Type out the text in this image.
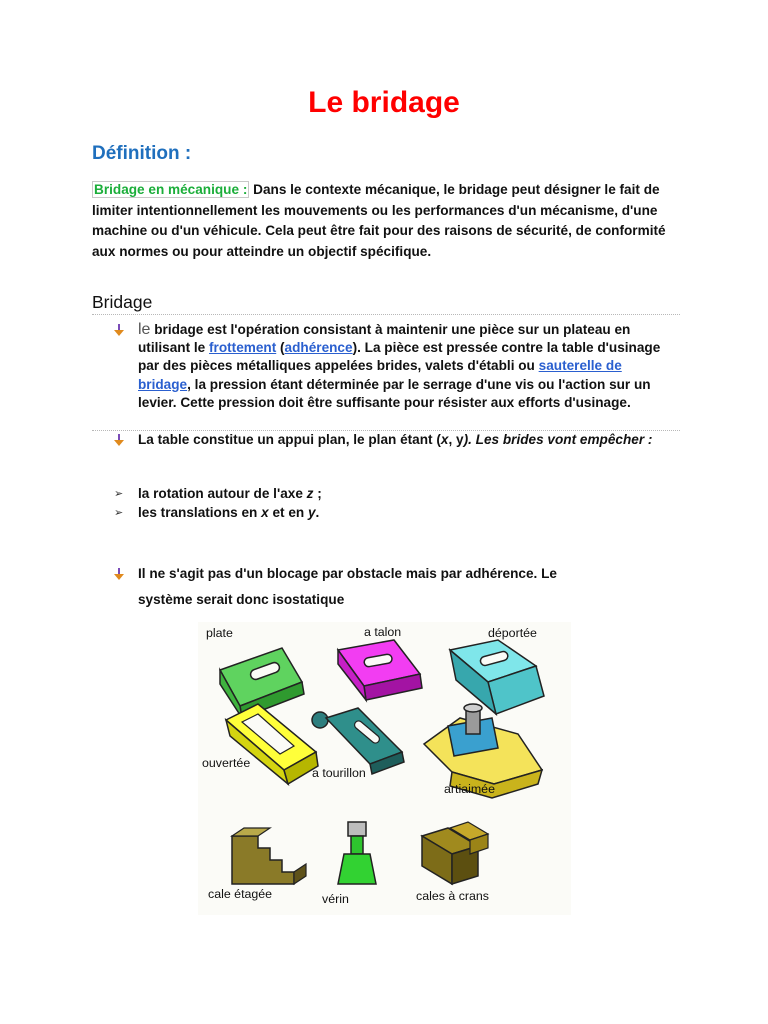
Le bridage
Définition :
Bridage en mécanique : Dans le contexte mécanique, le bridage peut désigner le fait de limiter intentionnellement les mouvements ou les performances d'un mécanisme, d'une machine ou d'un véhicule. Cela peut être fait pour des raisons de sécurité, de conformité aux normes ou pour atteindre un objectif spécifique.
Bridage
le bridage est l'opération consistant à maintenir une pièce sur un plateau en utilisant le frottement (adhérence). La pièce est pressée contre la table d'usinage par des pièces métalliques appelées brides, valets d'établi ou sauterelle de bridage, la pression étant déterminée par le serrage d'une vis ou l'action sur un levier. Cette pression doit être suffisante pour résister aux efforts d'usinage.
La table constitue un appui plan, le plan étant (x, y). Les brides vont empêcher :
➢ la rotation autour de l'axe z ;
➢ les translations en x et en y.
Il ne s'agit pas d'un blocage par obstacle mais par adhérence. Le
système serait donc isostatique
plate	a talon	déportée
ouvertée
a tourillon
artiaimée
cale étagée	vérin	cales à crans
